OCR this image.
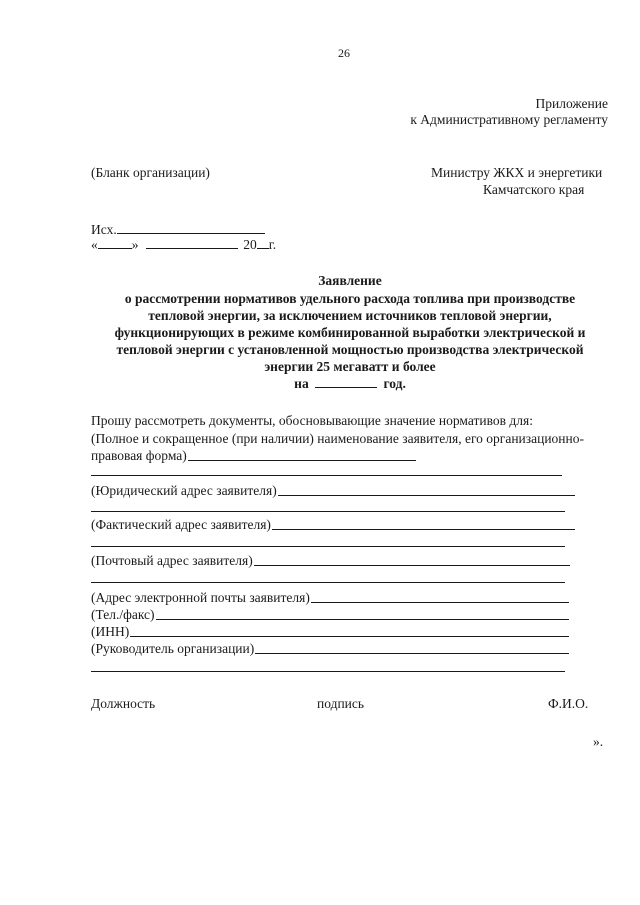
26
Приложение
к Административному регламенту
(Бланк организации)	Министру ЖКХ и энергетики
Камчатского края
Исх.
«	»	20 г.
Заявление
о рассмотрении нормативов удельного расхода топлива при производстве
тепловой энергии, за исключением источников тепловой энергии,
функционирующих в режиме комбинированной выработки электрической и
тепловой энергии с установленной мощностью производства электрической
энергии 25 мегаватт и более
на	год.
Прошу рассмотреть документы, обосновывающие значение нормативов для:
(Полное и сокращенное (при наличии) наименование заявителя, его организационно-
правовая форма)
(Юридический адрес заявителя)
(Фактический адрес заявителя)
(Почтовый адрес заявителя)
(Адрес электронной почты заявителя)
(Тел./факс)
(ИНН)
(Руководитель организации)
Должность	подпись	Ф.И.О.
».
